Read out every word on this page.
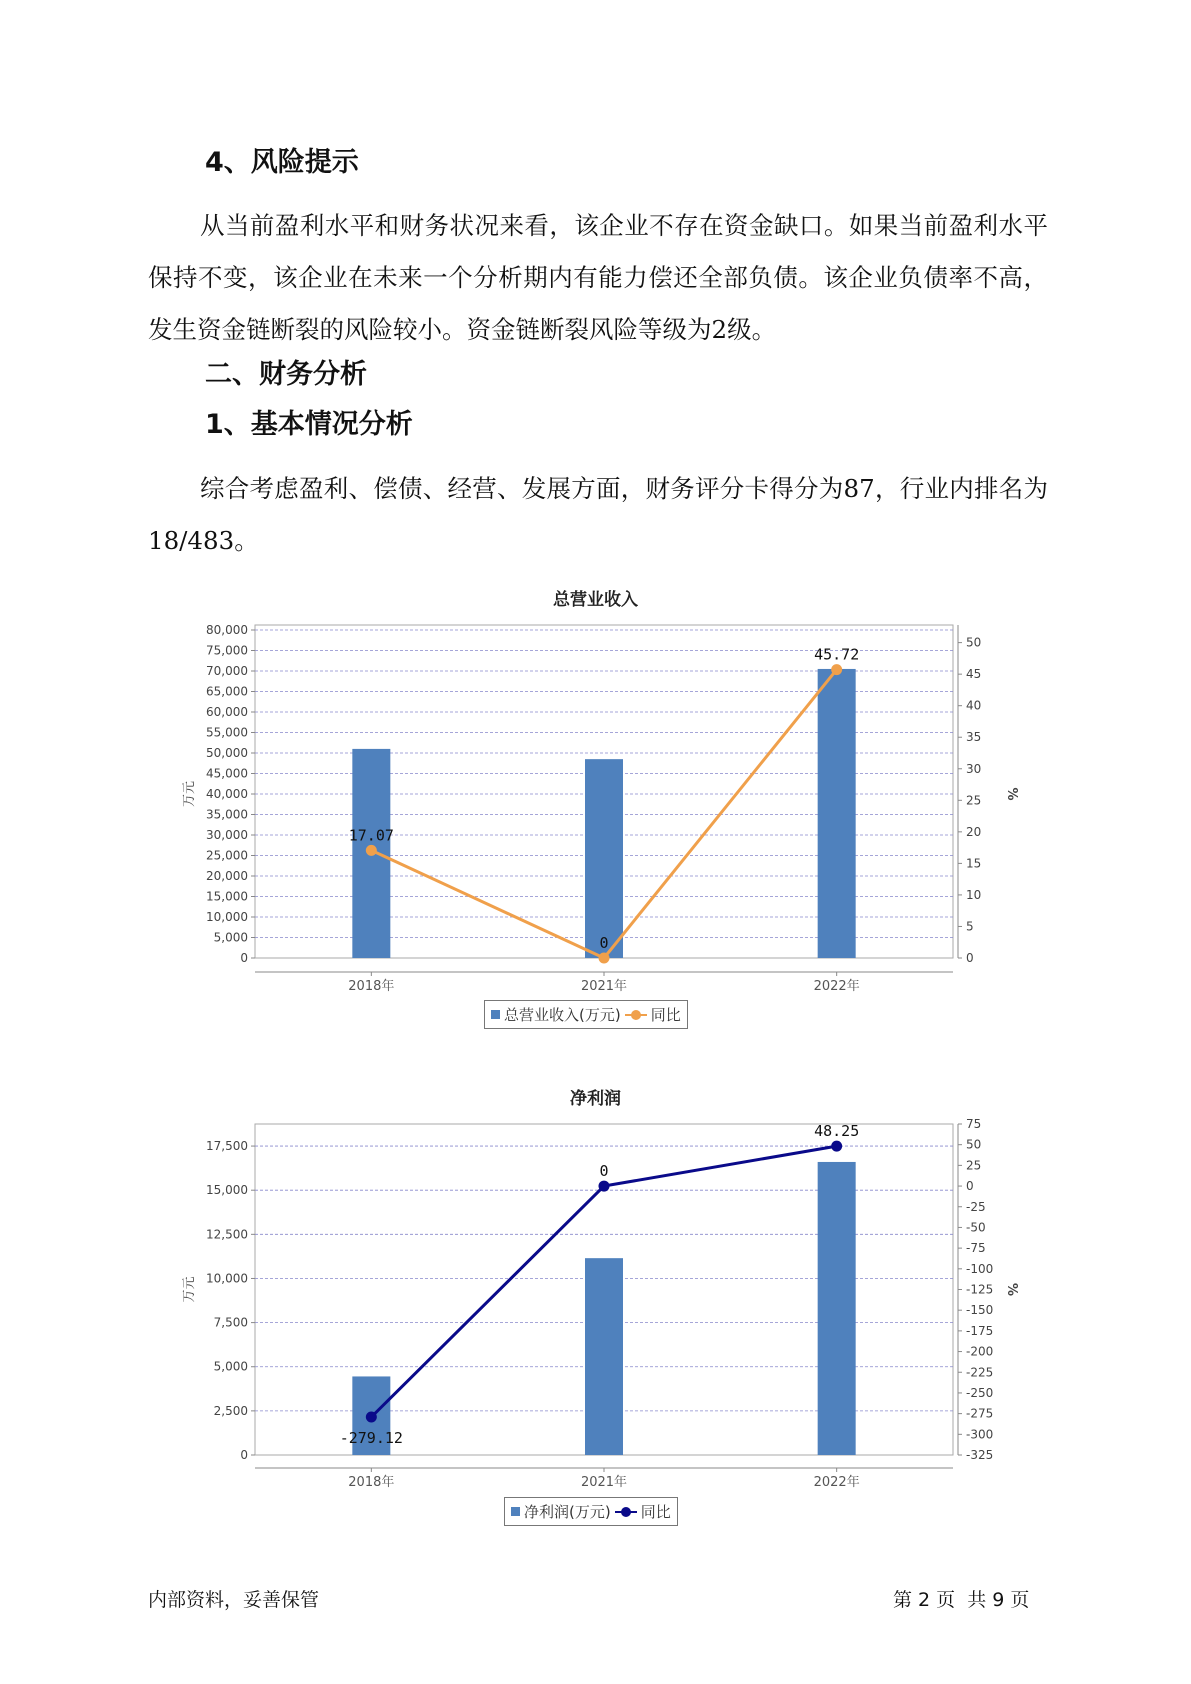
4、风险提示

从当前盈利水平和财务状况来看，该企业不存在资金缺口。如果当前盈利水平保持不变，该企业在未来一个分析期内有能力偿还全部负债。该企业负债率不高，发生资金链断裂的风险较小。资金链断裂风险等级为2级。

二、财务分析
1、基本情况分析

综合考虑盈利、偿债、经营、发展方面，财务评分卡得分为87，行业内排名为18/483。

总营业收入
0
5,000
10,000
15,000
20,000
25,000
30,000
35,000
40,000
45,000
50,000
55,000
60,000
65,000
70,000
75,000
80,000
0
5
10
15
20
25
30
35
40
45
50
万元	%
2018年	2021年	2022年
17.07
0
45.72
总营业收入(万元) 同比
净利润
0
2,500
5,000
7,500
10,000
12,500
15,000
17,500
-325
-300
-275
-250
-225
-200
-175
-150
-125
-100
-75
-50
-25
0
25
50
75
万元	%
2018年	2021年	2022年
-279.12
0
48.25
净利润(万元) 同比
内部资料，妥善保管	第 2 页  共 9 页
